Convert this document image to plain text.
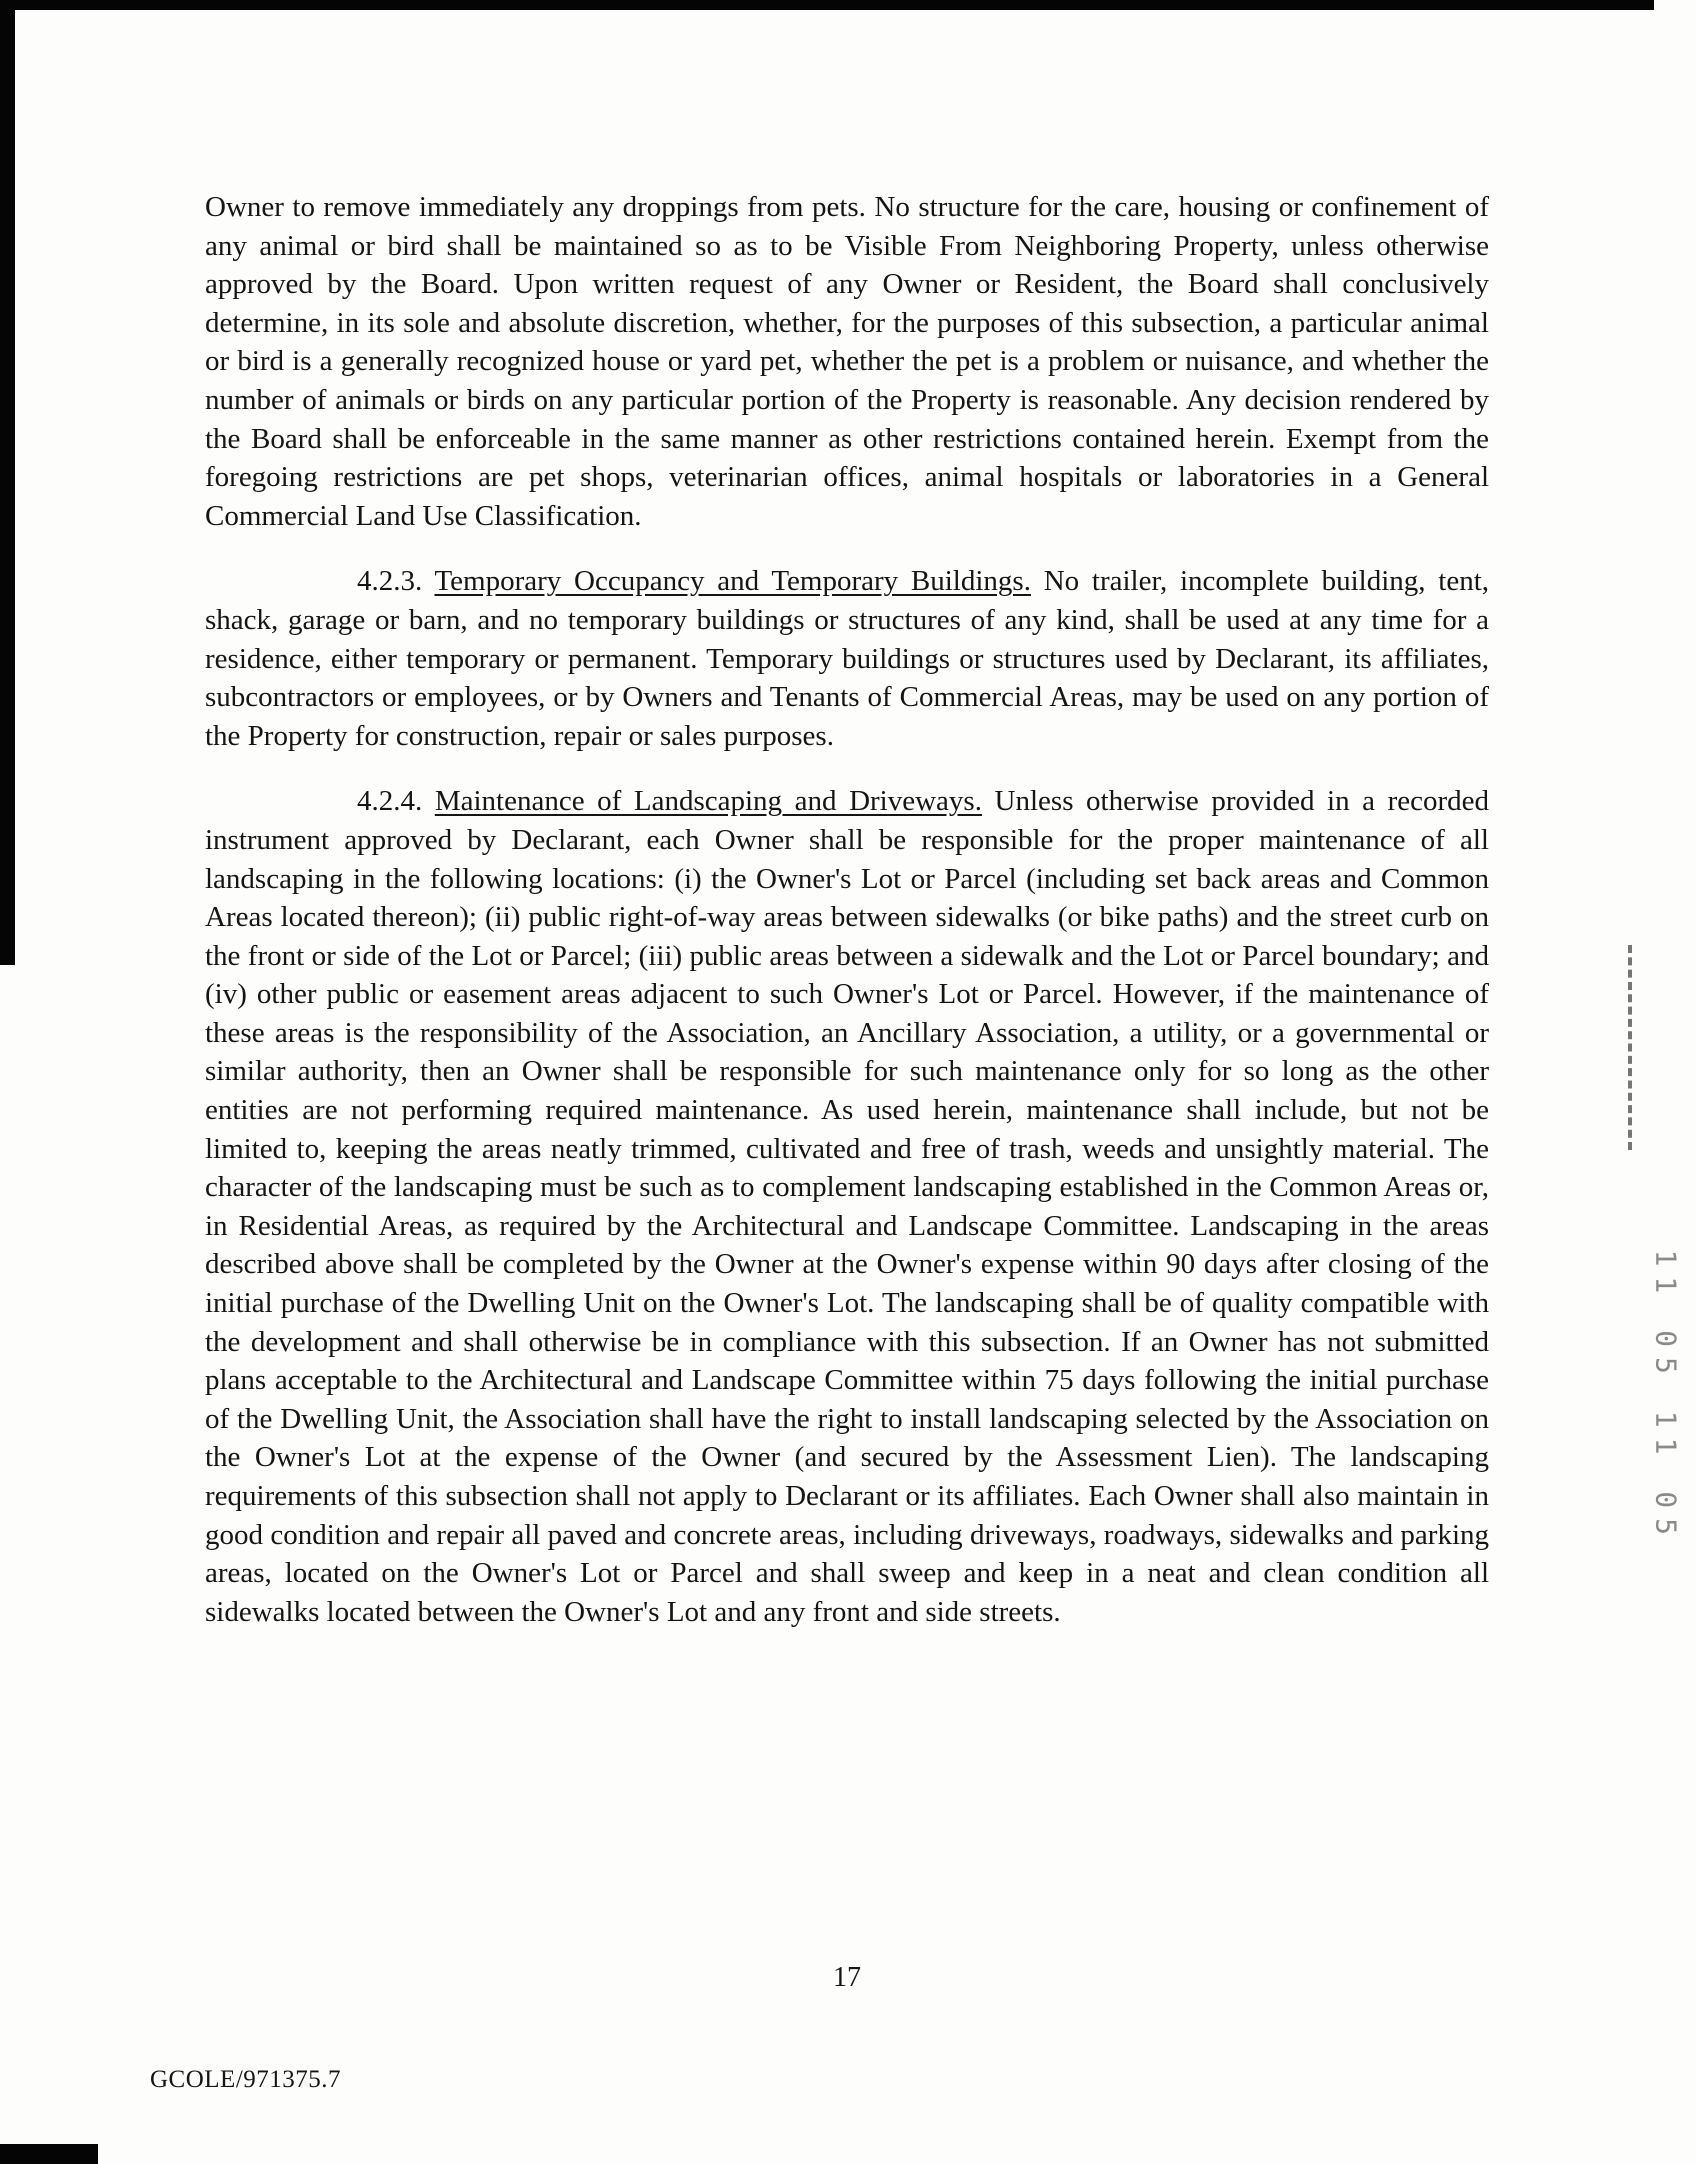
11 05 11 05

Owner to remove immediately any droppings from pets. No structure for the care, housing or confinement of any animal or bird shall be maintained so as to be Visible From Neighboring Property, unless otherwise approved by the Board. Upon written request of any Owner or Resident, the Board shall conclusively determine, in its sole and absolute discretion, whether, for the purposes of this subsection, a particular animal or bird is a generally recognized house or yard pet, whether the pet is a problem or nuisance, and whether the number of animals or birds on any particular portion of the Property is reasonable. Any decision rendered by the Board shall be enforceable in the same manner as other restrictions contained herein. Exempt from the foregoing restrictions are pet shops, veterinarian offices, animal hospitals or laboratories in a General Commercial Land Use Classification.

4.2.3. Temporary Occupancy and Temporary Buildings. No trailer, incomplete building, tent, shack, garage or barn, and no temporary buildings or structures of any kind, shall be used at any time for a residence, either temporary or permanent. Temporary buildings or structures used by Declarant, its affiliates, subcontractors or employees, or by Owners and Tenants of Commercial Areas, may be used on any portion of the Property for construction, repair or sales purposes.

4.2.4. Maintenance of Landscaping and Driveways. Unless otherwise provided in a recorded instrument approved by Declarant, each Owner shall be responsible for the proper maintenance of all landscaping in the following locations: (i) the Owner's Lot or Parcel (including set back areas and Common Areas located thereon); (ii) public right-of-way areas between sidewalks (or bike paths) and the street curb on the front or side of the Lot or Parcel; (iii) public areas between a sidewalk and the Lot or Parcel boundary; and (iv) other public or easement areas adjacent to such Owner's Lot or Parcel. However, if the maintenance of these areas is the responsibility of the Association, an Ancillary Association, a utility, or a governmental or similar authority, then an Owner shall be responsible for such maintenance only for so long as the other entities are not performing required maintenance. As used herein, maintenance shall include, but not be limited to, keeping the areas neatly trimmed, cultivated and free of trash, weeds and unsightly material. The character of the landscaping must be such as to complement landscaping established in the Common Areas or, in Residential Areas, as required by the Architectural and Landscape Committee. Landscaping in the areas described above shall be completed by the Owner at the Owner's expense within 90 days after closing of the initial purchase of the Dwelling Unit on the Owner's Lot. The landscaping shall be of quality compatible with the development and shall otherwise be in compliance with this subsection. If an Owner has not submitted plans acceptable to the Architectural and Landscape Committee within 75 days following the initial purchase of the Dwelling Unit, the Association shall have the right to install landscaping selected by the Association on the Owner's Lot at the expense of the Owner (and secured by the Assessment Lien). The landscaping requirements of this subsection shall not apply to Declarant or its affiliates. Each Owner shall also maintain in good condition and repair all paved and concrete areas, including driveways, roadways, sidewalks and parking areas, located on the Owner's Lot or Parcel and shall sweep and keep in a neat and clean condition all sidewalks located between the Owner's Lot and any front and side streets.

17
GCOLE/971375.7
